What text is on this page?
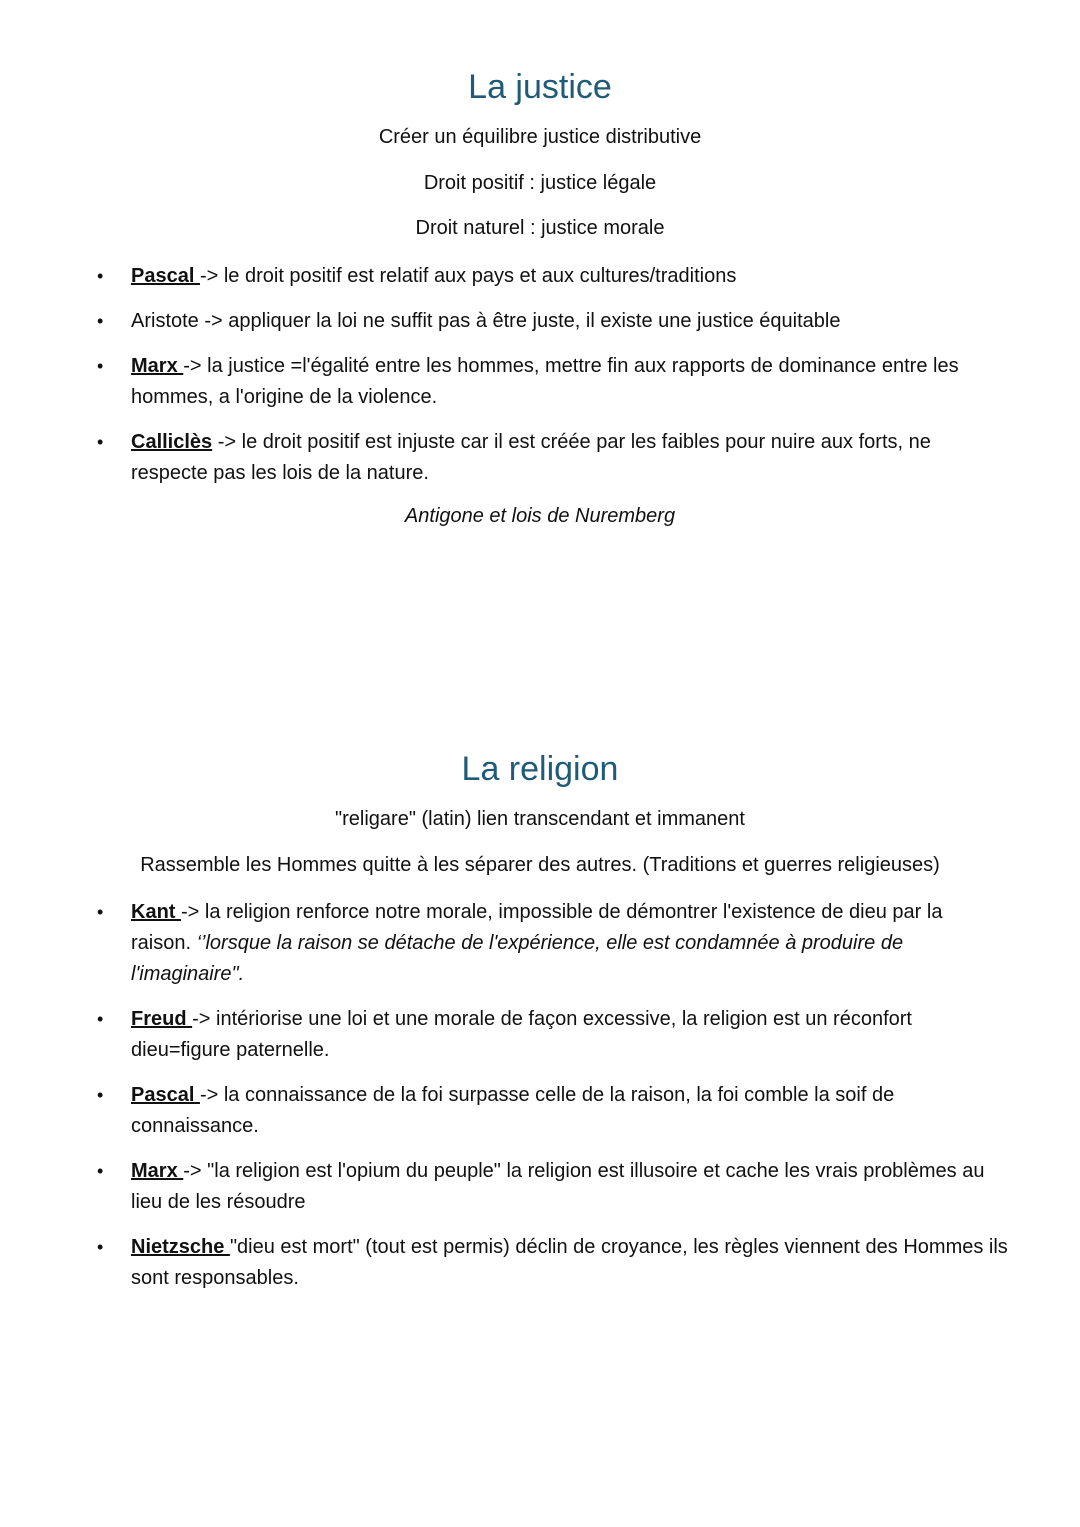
La justice

Créer un équilibre justice distributive

Droit positif : justice légale

Droit naturel : justice morale

• Pascal -> le droit positif est relatif aux pays et aux cultures/traditions
• Aristote -> appliquer la loi ne suffit pas à être juste, il existe une justice équitable
• Marx -> la justice =l'égalité entre les hommes, mettre fin aux rapports de dominance entre les hommes, a l'origine de la violence.
• Calliclès -> le droit positif est injuste car il est créée par les faibles pour nuire aux forts, ne respecte pas les lois de la nature.

Antigone et lois de Nuremberg

La religion

"religare" (latin) lien transcendant et immanent

Rassemble les Hommes quitte à les séparer des autres. (Traditions et guerres religieuses)

• Kant -> la religion renforce notre morale, impossible de démontrer l'existence de dieu par la raison. ‘’lorsque la raison se détache de l'expérience, elle est condamnée à produire de l'imaginaire".
• Freud -> intériorise une loi et une morale de façon excessive, la religion est un réconfort dieu=figure paternelle.
• Pascal -> la connaissance de la foi surpasse celle de la raison, la foi comble la soif de connaissance.
• Marx -> "la religion est l'opium du peuple" la religion est illusoire et cache les vrais problèmes au lieu de les résoudre
• Nietzsche "dieu est mort" (tout est permis) déclin de croyance, les règles viennent des Hommes ils sont responsables.
